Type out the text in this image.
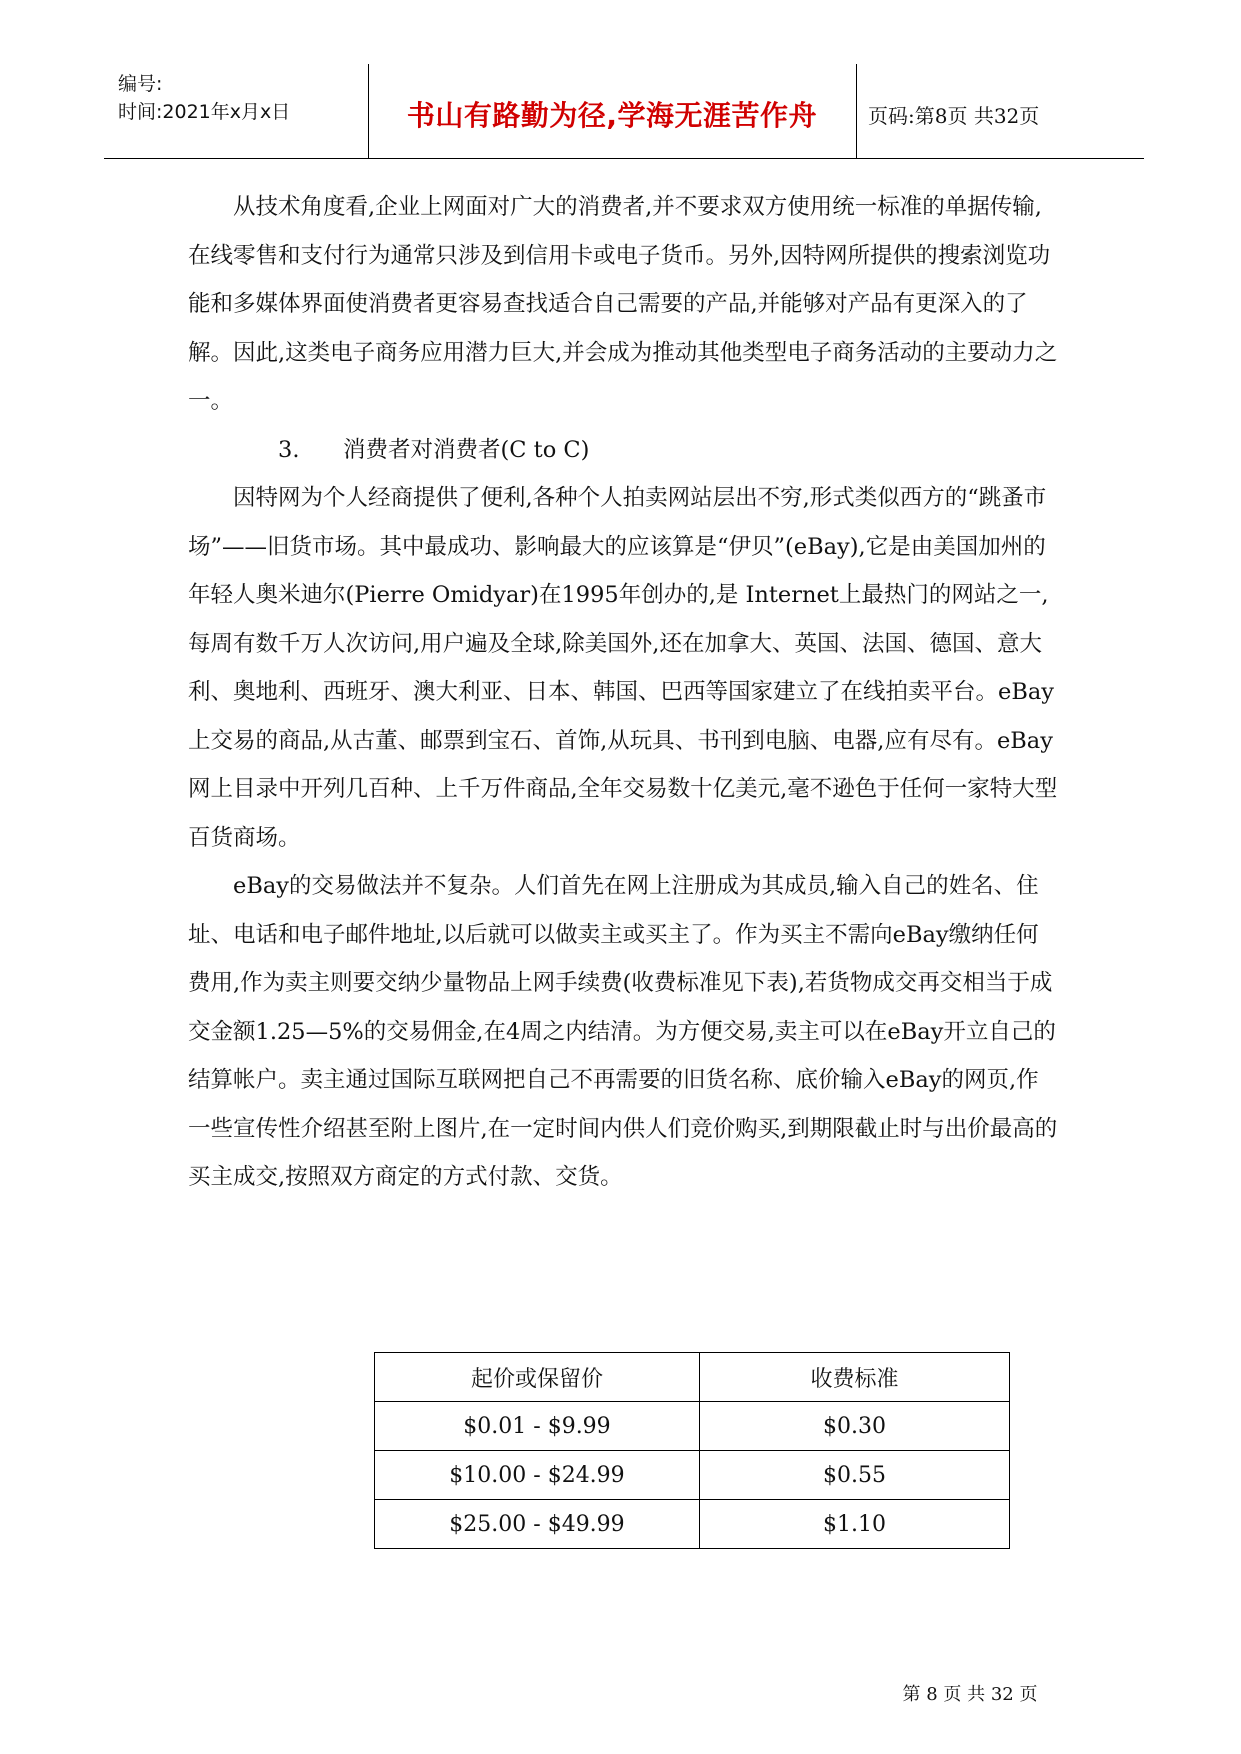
编号:
时间:2021年x月x日	书山有路勤为径,学海无涯苦作舟	页码:第8页 共32页

从技术角度看,企业上网面对广大的消费者,并不要求双方使用统一标准的单据传输,在线零售和支付行为通常只涉及到信用卡或电子货币。另外,因特网所提供的搜索浏览功能和多媒体界面使消费者更容易查找适合自己需要的产品,并能够对产品有更深入的了解。因此,这类电子商务应用潜力巨大,并会成为推动其他类型电子商务活动的主要动力之一。

3. 消费者对消费者(C to C)

因特网为个人经商提供了便利,各种个人拍卖网站层出不穷,形式类似西方的“跳蚤市场”——旧货市场。其中最成功、影响最大的应该算是“伊贝”(eBay),它是由美国加州的年轻人奥米迪尔(Pierre Omidyar)在1995年创办的,是 Internet上最热门的网站之一,每周有数千万人次访问,用户遍及全球,除美国外,还在加拿大、英国、法国、德国、意大利、奥地利、西班牙、澳大利亚、日本、韩国、巴西等国家建立了在线拍卖平台。eBay上交易的商品,从古董、邮票到宝石、首饰,从玩具、书刊到电脑、电器,应有尽有。eBay网上目录中开列几百种、上千万件商品,全年交易数十亿美元,毫不逊色于任何一家特大型百货商场。

eBay的交易做法并不复杂。人们首先在网上注册成为其成员,输入自己的姓名、住址、电话和电子邮件地址,以后就可以做卖主或买主了。作为买主不需向eBay缴纳任何费用,作为卖主则要交纳少量物品上网手续费(收费标准见下表),若货物成交再交相当于成交金额1.25—5%的交易佣金,在4周之内结清。为方便交易,卖主可以在eBay开立自己的结算帐户。卖主通过国际互联网把自己不再需要的旧货名称、底价输入eBay的网页,作一些宣传性介绍甚至附上图片,在一定时间内供人们竞价购买,到期限截止时与出价最高的买主成交,按照双方商定的方式付款、交货。

起价或保留价	收费标准
$0.01 - $9.99	$0.30
$10.00 - $24.99	$0.55
$25.00 - $49.99	$1.10
第 8 页 共 32 页
